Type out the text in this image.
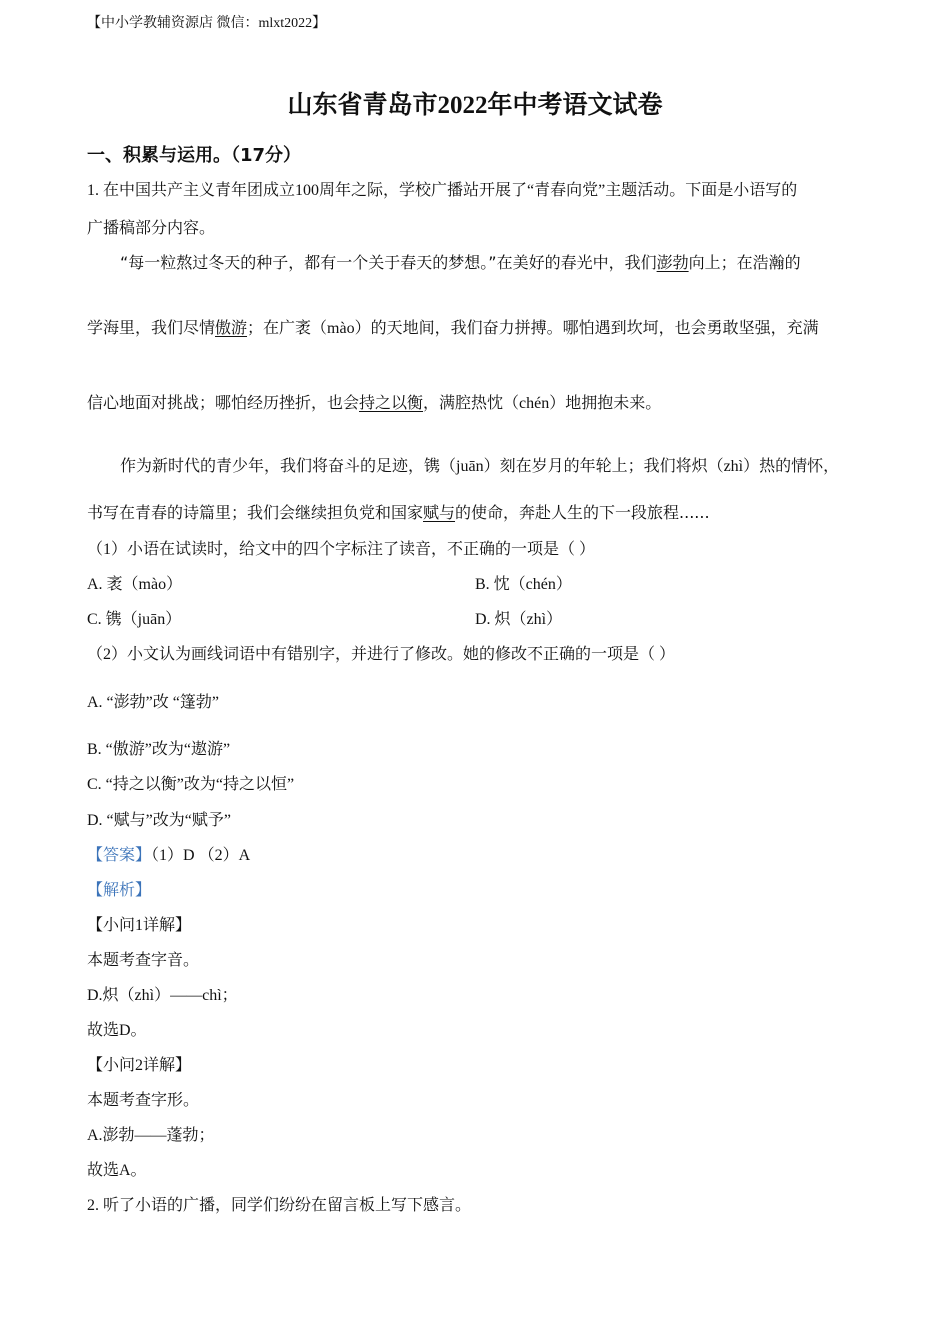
【中小学教辅资源店 微信：mlxt2022】
山东省青岛市2022年中考语文试卷
一、积累与运用。（17分）
1. 在中国共产主义青年团成立100周年之际，学校广播站开展了“青春向党”主题活动。下面是小语写的
广播稿部分内容。
“每一粒熬过冬天的种子，都有一个关于春天的梦想。”在美好的春光中，我们澎勃向上；在浩瀚的
学海里，我们尽情傲游；在广袤（mào）的天地间，我们奋力拼搏。哪怕遇到坎坷，也会勇敢坚强，充满
信心地面对挑战；哪怕经历挫折，也会持之以衡，满腔热忱（chén）地拥抱未来。
作为新时代的青少年，我们将奋斗的足迹，镌（juān）刻在岁月的年轮上；我们将炽（zhì）热的情怀，
书写在青春的诗篇里；我们会继续担负党和国家赋与的使命，奔赴人生的下一段旅程......
（1）小语在试读时，给文中的四个字标注了读音，不正确的一项是（ ）
A. 袤（mào）	B. 忱（chén）
C. 镌（juān）	D. 炽（zhì）
（2）小文认为画线词语中有错别字，并进行了修改。她的修改不正确的一项是（ ）
A. “澎勃”改 “篷勃”
B. “傲游”改为“遨游”
C. “持之以衡”改为“持之以恒”
D. “赋与”改为“赋予”
【答案】（1）D （2）A
【解析】
【小问1详解】
本题考查字音。
D.炽（zhì）——chì；
故选D。
【小问2详解】
本题考查字形。
A.澎勃——蓬勃；
故选A。
2. 听了小语的广播，同学们纷纷在留言板上写下感言。
